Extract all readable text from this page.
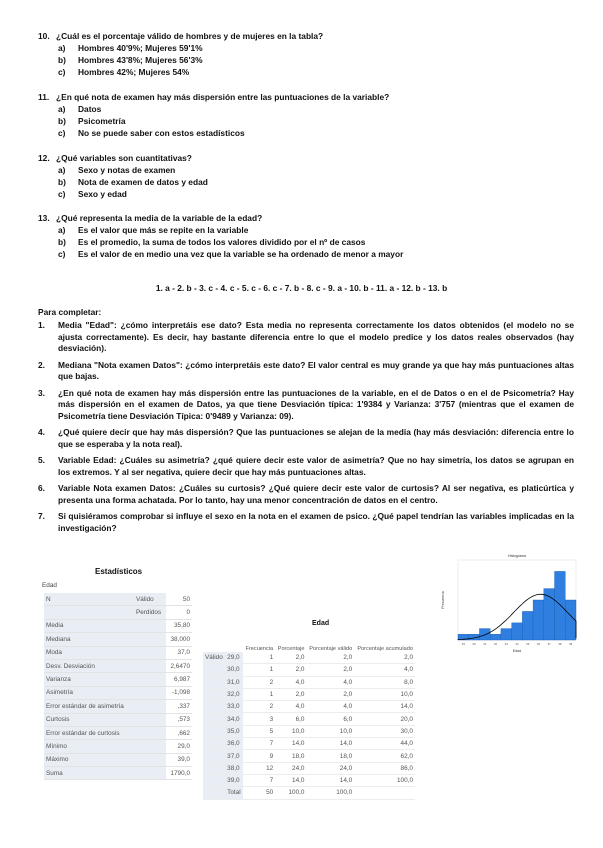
10. ¿Cuál es el porcentaje válido de hombres y de mujeres en la tabla?
a)	Hombres 40'9%; Mujeres 59'1%
b)	Hombres 43'8%; Mujeres 56'3%
c)	Hombres 42%; Mujeres 54%
11. ¿En qué nota de examen hay más dispersión entre las puntuaciones de la variable?
a)	Datos
b)	Psicometría
c)	No se puede saber con estos estadísticos
12. ¿Qué variables son cuantitativas?
a)	Sexo y notas de examen
b)	Nota de examen de datos y edad
c)	Sexo y edad
13. ¿Qué representa la media de la variable de la edad?
a)	Es el valor que más se repite en la variable
b)	Es el promedio, la suma de todos los valores dividido por el nº de casos
c)	Es el valor de en medio una vez que la variable se ha ordenado de menor a mayor
1. a - 2. b - 3. c - 4. c - 5. c - 6. c - 7. b - 8. c - 9. a - 10. b - 11. a - 12. b - 13. b
Para completar:
1.	Media "Edad": ¿cómo interpretáis ese dato? Esta media no representa correctamente los datos obtenidos (el modelo no se ajusta correctamente). Es decir, hay bastante diferencia entre lo que el modelo predice y los datos reales observados (hay desviación).
2.	Mediana "Nota examen Datos": ¿cómo interpretáis este dato? El valor central es muy grande ya que hay más puntuaciones altas que bajas.
3.	¿En qué nota de examen hay más dispersión entre las puntuaciones de la variable, en el de Datos o en el de Psicometría? Hay más dispersión en el examen de Datos, ya que tiene Desviación típica: 1'9384 y Varianza: 3'757 (mientras que el examen de Psicometría tiene Desviación Típica: 0'9489 y Varianza: 09).
4.	¿Qué quiere decir que hay más dispersión? Que las puntuaciones se alejan de la media (hay más desviación: diferencia entre lo que se esperaba y la nota real).
5.	Variable Edad: ¿Cuáles su asimetría? ¿qué quiere decir este valor de asimetría? Que no hay simetría, los datos se agrupan en los extremos. Y al ser negativa, quiere decir que hay más puntuaciones altas.
6.	Variable Nota examen Datos: ¿Cuáles su curtosis? ¿Qué quiere decir este valor de curtosis? Al ser negativa, es platicúrtica y presenta una forma achatada. Por lo tanto, hay una menor concentración de datos en el centro.
7.	Si quisiéramos comprobar si influye el sexo en la nota en el examen de psico. ¿Qué papel tendrían las variables implicadas en la investigación?
Estadísticos
Edad
N	Válido	50
	Perdidos	0
Media		35,80
Mediana		38,000
Moda		37,0
Desv. Desviación		2,6470
Varianza		6,987
Asimetría		-1,098
Error estándar de asimetría		,337
Curtosis		,573
Error estándar de curtosis		,662
Mínimo		29,0
Máximo		39,0
Suma		1790,0
Edad
		Frecuencia	Porcentaje	Porcentaje válido	Porcentaje acumulado
Válido	29,0	1	2,0	2,0	2,0
	30,0	1	2,0	2,0	4,0
	31,0	2	4,0	4,0	8,0
	32,0	1	2,0	2,0	10,0
	33,0	2	4,0	4,0	14,0
	34,0	3	6,0	6,0	20,0
	35,0	5	10,0	10,0	30,0
	36,0	7	14,0	14,0	44,0
	37,0	9	18,0	18,0	62,0
	38,0	12	24,0	24,0	86,0
	39,0	7	14,0	14,0	100,0
	Total	50	100,0	100,0	
Histograma
Frecuencia
Edad
29	30	31	32	33	34	35	36	37	38	39
